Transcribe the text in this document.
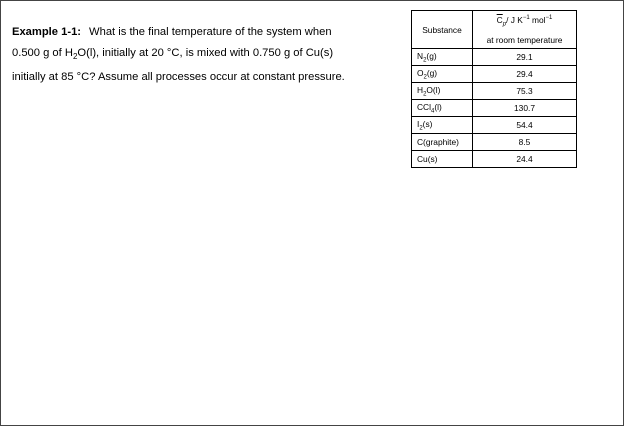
Example 1-1: What is the final temperature of the system when
0.500 g of $H_2O(l)$, initially at 20 °C, is mixed with 0.750 g of Cu(s)
initially at 85 °C? Assume all processes occur at constant pressure.
Substance	$\overline{C}_p/$ J $K^{-1}$ mol$^{-1}$
at room temperature

$N_2(g)$	29.1
$O_2(g)$	29.4
$H_2O(l)$	75.3
CCl$_4$(l)	130.7
$I_2(s)$	54.4
C(graphite)	8.5
Cu(s)	24.4
